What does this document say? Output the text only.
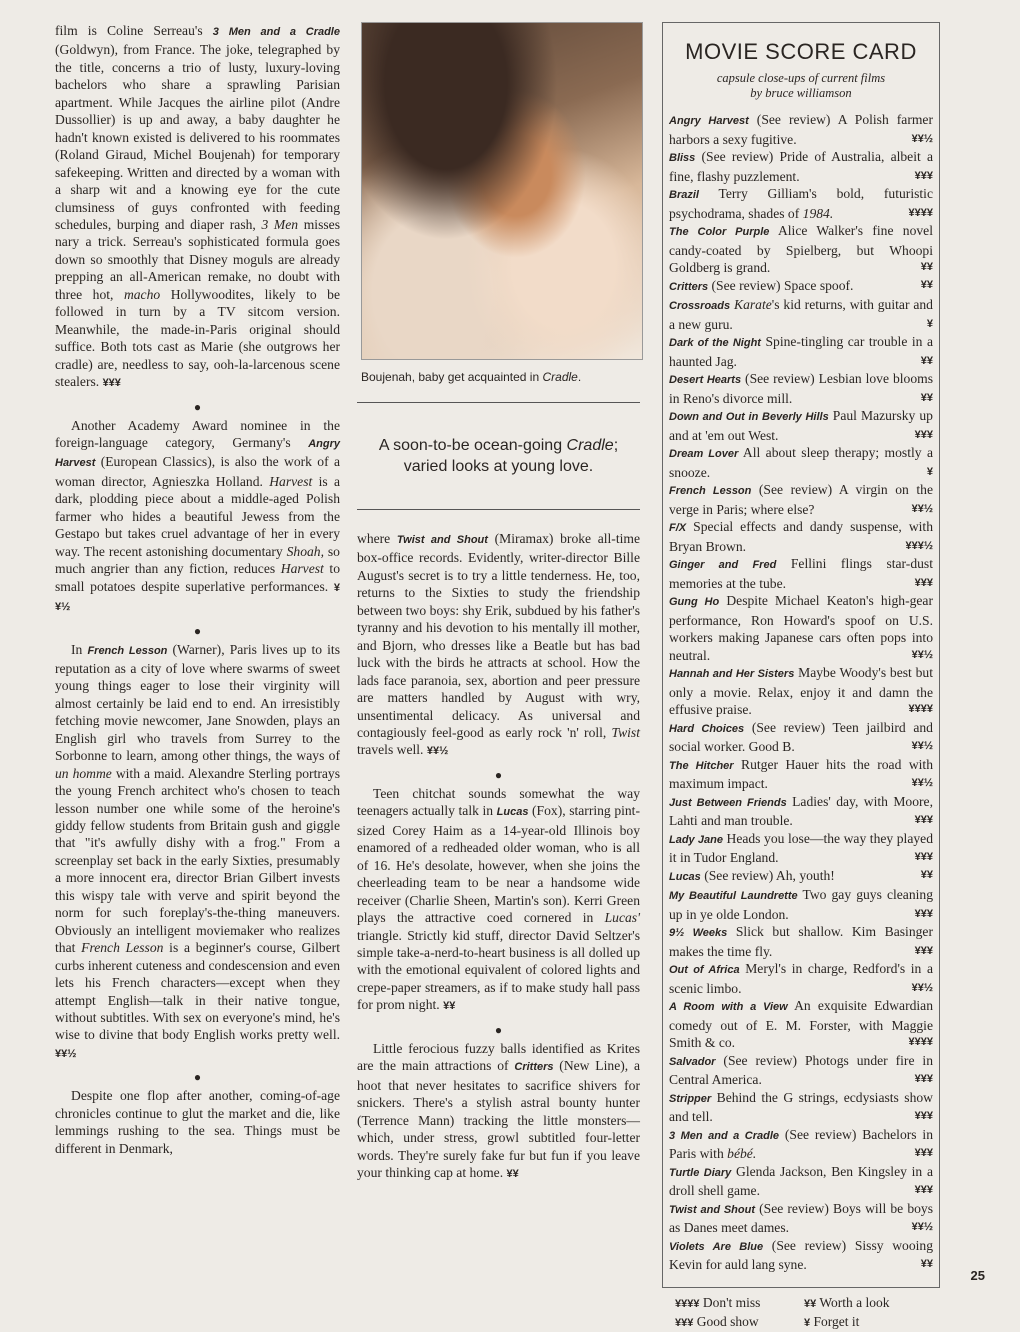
film is Coline Serreau's 3 Men and a Cradle (Goldwyn), from France. The joke, telegraphed by the title, concerns a trio of lusty, luxury-loving bachelors who share a sprawling Parisian apartment. While Jacques the airline pilot (Andre Dussollier) is up and away, a baby daughter he hadn't known existed is delivered to his roommates (Roland Giraud, Michel Boujenah) for temporary safekeeping. Written and directed by a woman with a sharp wit and a knowing eye for the cute clumsiness of guys confronted with feeding schedules, burping and diaper rash, 3 Men misses nary a trick. Serreau's sophisticated formula goes down so smoothly that Disney moguls are already prepping an all-American remake, no doubt with three hot, macho Hollywoodites, likely to be followed in turn by a TV sitcom version. Meanwhile, the made-in-Paris original should suffice. Both tots cast as Marie (she outgrows her cradle) are, needless to say, ooh-la-larcenous scene stealers. ¥¥¥

●

Another Academy Award nominee in the foreign-language category, Germany's Angry Harvest (European Classics), is also the work of a woman director, Agnieszka Holland. Harvest is a dark, plodding piece about a middle-aged Polish farmer who hides a beautiful Jewess from the Gestapo but takes cruel advantage of her in every way. The recent astonishing documentary Shoah, so much angrier than any fiction, reduces Harvest to small potatoes despite superlative performances. ¥¥½

●

In French Lesson (Warner), Paris lives up to its reputation as a city of love where swarms of sweet young things eager to lose their virginity will almost certainly be laid end to end. An irresistibly fetching movie newcomer, Jane Snowden, plays an English girl who travels from Surrey to the Sorbonne to learn, among other things, the ways of un homme with a maid. Alexandre Sterling portrays the young French architect who's chosen to teach lesson number one while some of the heroine's giddy fellow students from Britain gush and giggle that "it's awfully dishy with a frog." From a screenplay set back in the early Sixties, presumably a more innocent era, director Brian Gilbert invests this wispy tale with verve and spirit beyond the norm for such foreplay's-the-thing maneuvers. Obviously an intelligent moviemaker who realizes that French Lesson is a beginner's course, Gilbert curbs inherent cuteness and condescension and even lets his French characters—except when they attempt English—talk in their native tongue, without subtitles. With sex on everyone's mind, he's wise to divine that body English works pretty well. ¥¥½

●

Despite one flop after another, coming-of-age chronicles continue to glut the market and die, like lemmings rushing to the sea. Things must be different in Denmark,

Boujenah, baby get acquainted in Cradle.

A soon-to-be ocean-going Cradle; varied looks at young love.

where Twist and Shout (Miramax) broke all-time box-office records. Evidently, writer-director Bille August's secret is to try a little tenderness. He, too, returns to the Sixties to study the friendship between two boys: shy Erik, subdued by his father's tyranny and his devotion to his mentally ill mother, and Bjorn, who dresses like a Beatle but has bad luck with the birds he attracts at school. How the lads face paranoia, sex, abortion and peer pressure are matters handled by August with wry, unsentimental delicacy. As universal and contagiously feel-good as early rock 'n' roll, Twist travels well. ¥¥½

●

Teen chitchat sounds somewhat the way teenagers actually talk in Lucas (Fox), starring pint-sized Corey Haim as a 14-year-old Illinois boy enamored of a redheaded older woman, who is all of 16. He's desolate, however, when she joins the cheerleading team to be near a handsome wide receiver (Charlie Sheen, Martin's son). Kerri Green plays the attractive coed cornered in Lucas' triangle. Strictly kid stuff, director David Seltzer's simple take-a-nerd-to-heart business is all dolled up with the emotional equivalent of colored lights and crepe-paper streamers, as if to make study hall pass for prom night. ¥¥

●

Little ferocious fuzzy balls identified as Krites are the main attractions of Critters (New Line), a hoot that never hesitates to sacrifice shivers for snickers. There's a stylish astral bounty hunter (Terrence Mann) tracking the little monsters—which, under stress, growl subtitled four-letter words. They're surely fake fur but fun if you leave your thinking cap at home. ¥¥

MOVIE SCORE CARD
capsule close-ups of current films
by bruce williamson

Angry Harvest (See review) A Polish farmer harbors a sexy fugitive.	¥¥½

Bliss (See review) Pride of Australia, albeit a fine, flashy puzzlement.	¥¥¥

Brazil Terry Gilliam's bold, futuristic psychodrama, shades of 1984.	¥¥¥¥

The Color Purple Alice Walker's fine novel candy-coated by Spielberg, but Whoopi Goldberg is grand.	¥¥

Critters (See review) Space spoof.	¥¥

Crossroads Karate's kid returns, with guitar and a new guru.	¥

Dark of the Night Spine-tingling car trouble in a haunted Jag.	¥¥

Desert Hearts (See review) Lesbian love blooms in Reno's divorce mill.	¥¥

Down and Out in Beverly Hills Paul Mazursky up and at 'em out West.	¥¥¥

Dream Lover All about sleep therapy; mostly a snooze.	¥

French Lesson (See review) A virgin on the verge in Paris; where else?	¥¥½

F/X Special effects and dandy suspense, with Bryan Brown.	¥¥¥½

Ginger and Fred Fellini flings star-dust memories at the tube.	¥¥¥

Gung Ho Despite Michael Keaton's high-gear performance, Ron Howard's spoof on U.S. workers making Japanese cars often pops into neutral.	¥¥½

Hannah and Her Sisters Maybe Woody's best but only a movie. Relax, enjoy it and damn the effusive praise.	¥¥¥¥

Hard Choices (See review) Teen jailbird and social worker. Good B.	¥¥½

The Hitcher Rutger Hauer hits the road with maximum impact.	¥¥½

Just Between Friends Ladies' day, with Moore, Lahti and man trouble.	¥¥¥

Lady Jane Heads you lose—the way they played it in Tudor England.	¥¥¥

Lucas (See review) Ah, youth!	¥¥

My Beautiful Laundrette Two gay guys cleaning up in ye olde London.	¥¥¥

9½ Weeks Slick but shallow. Kim Basinger makes the time fly.	¥¥¥

Out of Africa Meryl's in charge, Redford's in a scenic limbo.	¥¥½

A Room with a View An exquisite Edwardian comedy out of E. M. Forster, with Maggie Smith & co.	¥¥¥¥

Salvador (See review) Photogs under fire in Central America.	¥¥¥

Stripper Behind the G strings, ecdysiasts show and tell.	¥¥¥

3 Men and a Cradle (See review) Bachelors in Paris with bébé.	¥¥¥

Turtle Diary Glenda Jackson, Ben Kingsley in a droll shell game.	¥¥¥

Twist and Shout (See review) Boys will be boys as Danes meet dames.	¥¥½

Violets Are Blue (See review) Sissy wooing Kevin for auld lang syne.	¥¥

¥¥¥¥ Don't miss	¥¥ Worth a look
¥¥¥ Good show	¥ Forget it
25
